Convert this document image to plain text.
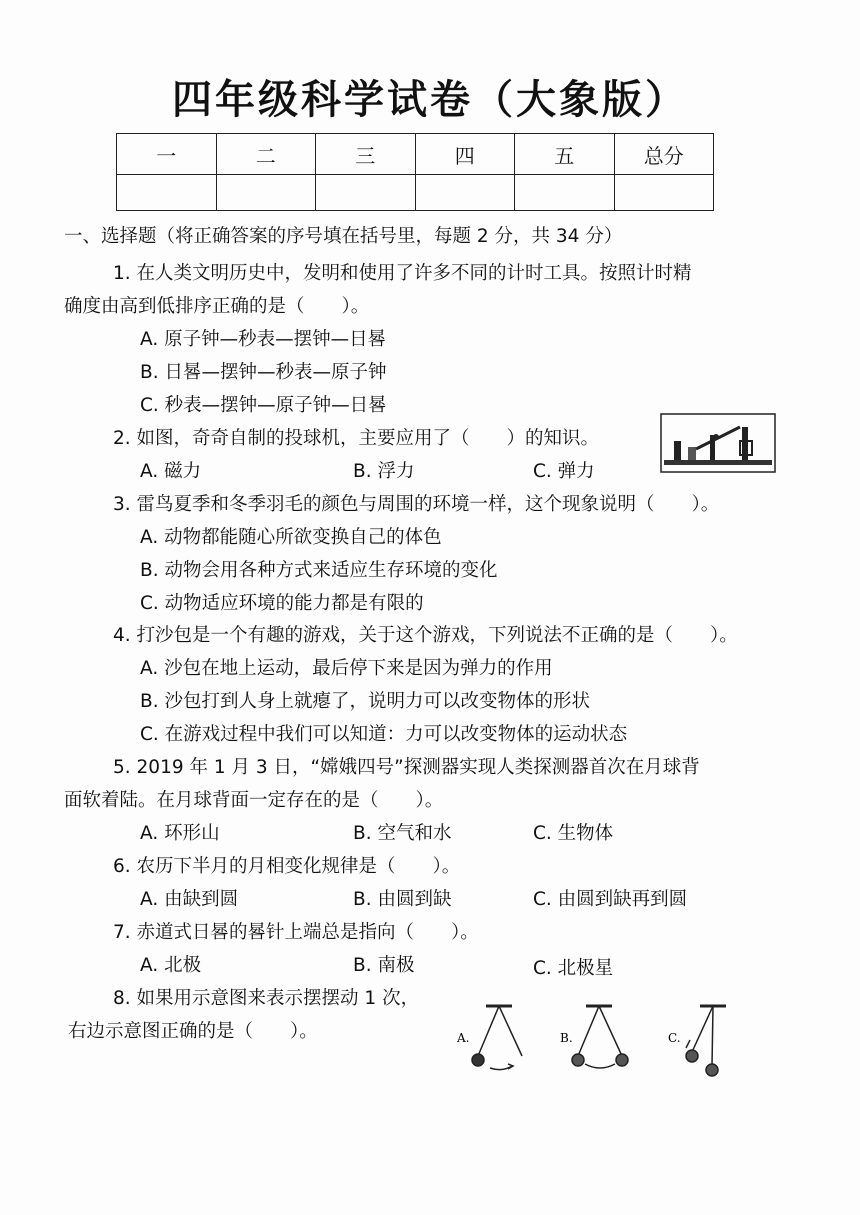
四年级科学试卷（大象版）
一	二	三	四	五	总分

一、选择题（将正确答案的序号填在括号里，每题 2 分，共 34 分）
1. 在人类文明历史中，发明和使用了许多不同的计时工具。按照计时精
确度由高到低排序正确的是（　　）。
A. 原子钟—秒表—摆钟—日晷
B. 日晷—摆钟—秒表—原子钟
C. 秒表—摆钟—原子钟—日晷
2. 如图，奇奇自制的投球机，主要应用了（　　）的知识。
A. 磁力	B. 浮力	C. 弹力
3. 雷鸟夏季和冬季羽毛的颜色与周围的环境一样，这个现象说明（　　）。
A. 动物都能随心所欲变换自己的体色
B. 动物会用各种方式来适应生存环境的变化
C. 动物适应环境的能力都是有限的
4. 打沙包是一个有趣的游戏，关于这个游戏，下列说法不正确的是（　　）。
A. 沙包在地上运动，最后停下来是因为弹力的作用
B. 沙包打到人身上就瘪了，说明力可以改变物体的形状
C. 在游戏过程中我们可以知道：力可以改变物体的运动状态
5. 2019 年 1 月 3 日，“嫦娥四号”探测器实现人类探测器首次在月球背
面软着陆。在月球背面一定存在的是（　　）。
A. 环形山	B. 空气和水	C. 生物体
6. 农历下半月的月相变化规律是（　　）。
A. 由缺到圆	B. 由圆到缺	C. 由圆到缺再到圆
7. 赤道式日晷的晷针上端总是指向（　　）。
A. 北极	B. 南极	C. 北极星
8. 如果用示意图来表示摆摆动 1 次，
右边示意图正确的是（　　）。	A.	B.	C.
